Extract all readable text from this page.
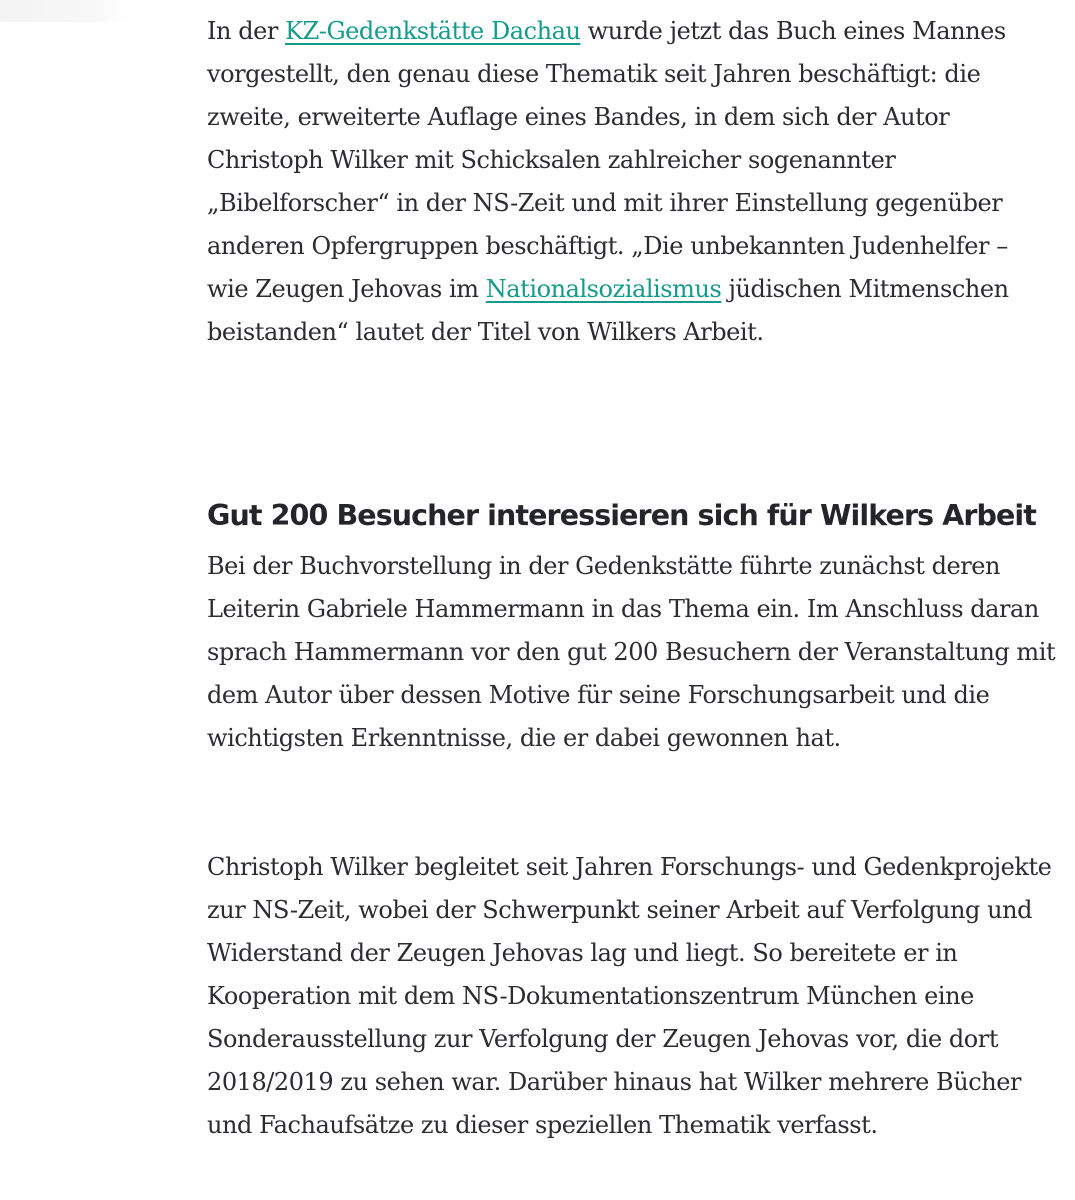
In der KZ-Gedenkstätte Dachau wurde jetzt das Buch eines Mannes vorgestellt, den genau diese Thematik seit Jahren beschäftigt: die zweite, erweiterte Auflage eines Bandes, in dem sich der Autor Christoph Wilker mit Schicksalen zahlreicher sogenannter „Bibelforscher“ in der NS-Zeit und mit ihrer Einstellung gegenüber anderen Opfergruppen beschäftigt. „Die unbekannten Judenhelfer – wie Zeugen Jehovas im Nationalsozialismus jüdischen Mitmenschen beistanden“ lautet der Titel von Wilkers Arbeit.

Gut 200 Besucher interessieren sich für Wilkers Arbeit

Bei der Buchvorstellung in der Gedenkstätte führte zunächst deren Leiterin Gabriele Hammermann in das Thema ein. Im Anschluss daran sprach Hammermann vor den gut 200 Besuchern der Veranstaltung mit dem Autor über dessen Motive für seine Forschungsarbeit und die wichtigsten Erkenntnisse, die er dabei gewonnen hat.

Christoph Wilker begleitet seit Jahren Forschungs- und Gedenkprojekte zur NS-Zeit, wobei der Schwerpunkt seiner Arbeit auf Verfolgung und Widerstand der Zeugen Jehovas lag und liegt. So bereitete er in Kooperation mit dem NS-Dokumentationszentrum München eine Sonderausstellung zur Verfolgung der Zeugen Jehovas vor, die dort 2018/2019 zu sehen war. Darüber hinaus hat Wilker mehrere Bücher und Fachaufsätze zu dieser speziellen Thematik verfasst.
